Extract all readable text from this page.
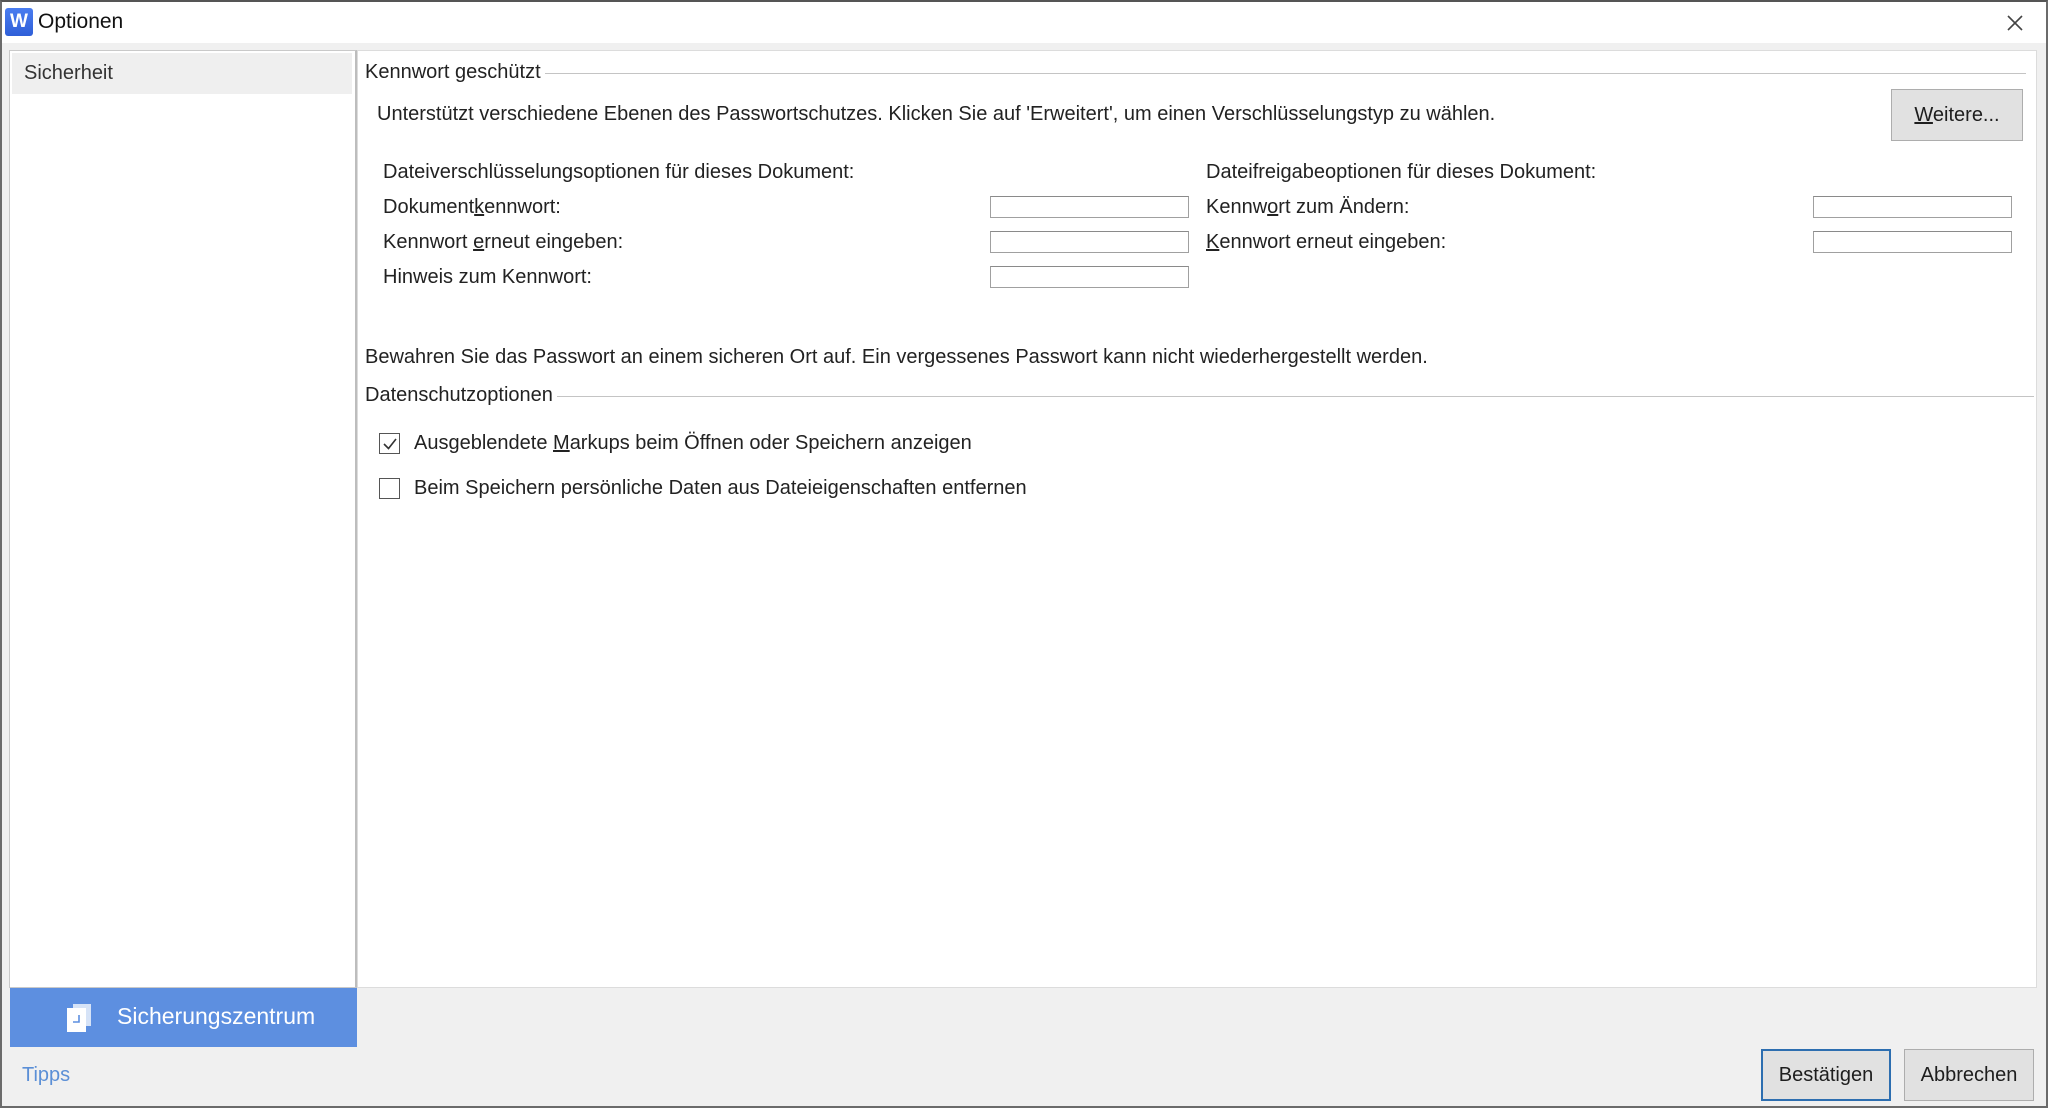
W Optionen
Sicherheit
Sicherungszentrum
Tipps
Kennwort geschützt
Unterstützt verschiedene Ebenen des Passwortschutzes. Klicken Sie auf 'Erweitert', um einen Verschlüsselungstyp zu wählen.	Weitere...
Dateiverschlüsselungsoptionen für dieses Dokument:
Dokumentkennwort:
Kennwort erneut eingeben:
Hinweis zum Kennwort:
Dateifreigabeoptionen für dieses Dokument:
Kennwort zum Ändern:
Kennwort erneut eingeben:
Bewahren Sie das Passwort an einem sicheren Ort auf. Ein vergessenes Passwort kann nicht wiederhergestellt werden.
Datenschutzoptionen
Ausgeblendete Markups beim Öffnen oder Speichern anzeigen
Beim Speichern persönliche Daten aus Dateieigenschaften entfernen
Bestätigen	Abbrechen
